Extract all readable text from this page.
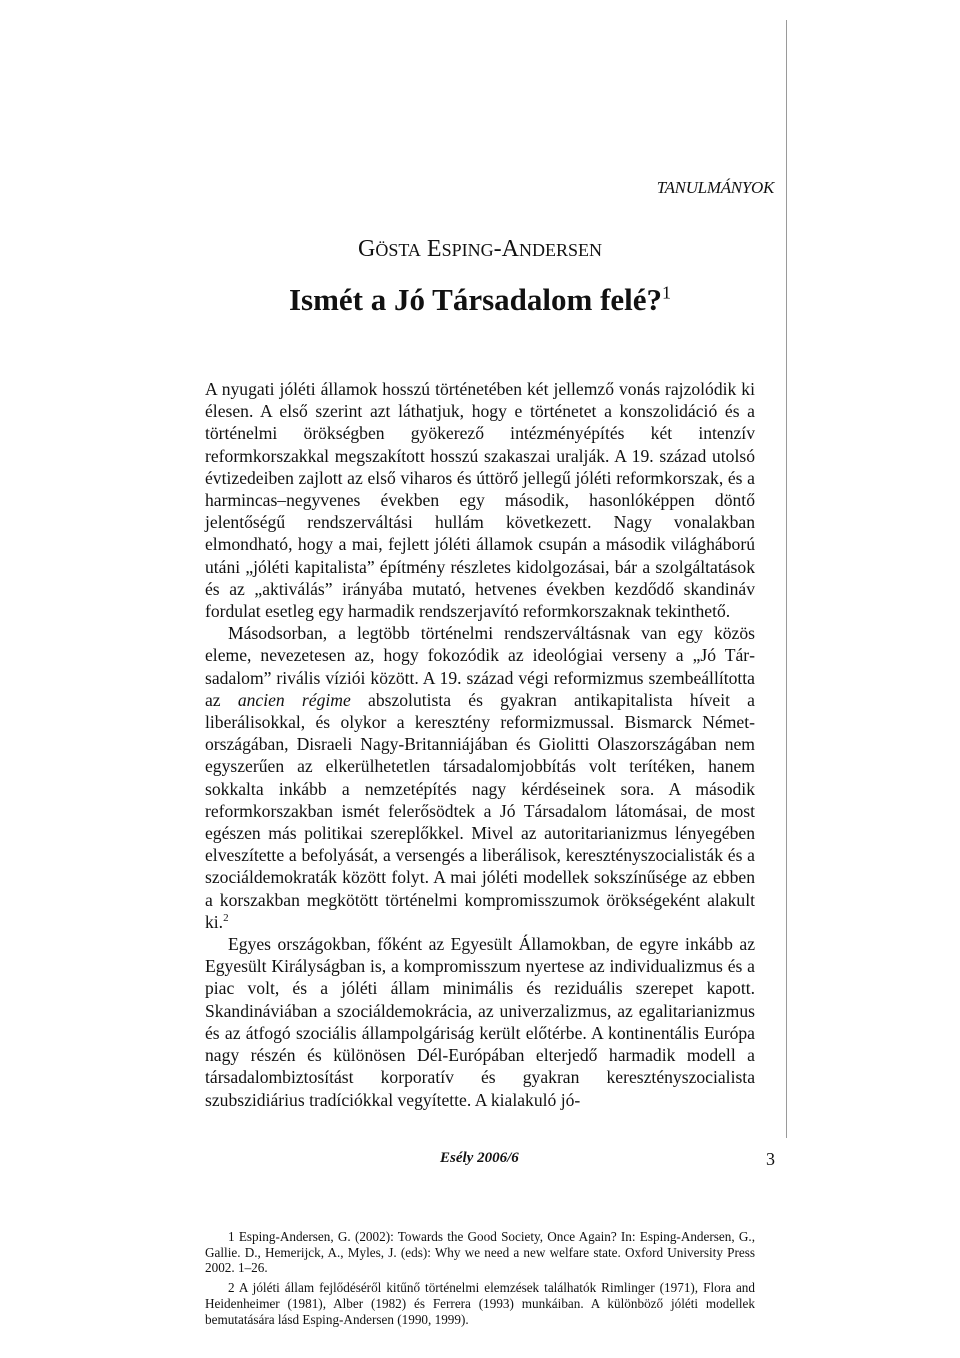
TANULMÁNYOK
GÖSTA ESPING-ANDERSEN
Ismét a Jó Társadalom felé?$^1$

A nyugati jóléti államok hosszú történetében két jellemző vonás rajzolódik ki élesen. A első szerint azt láthatjuk, hogy e történetet a konszolidáció és a történelmi örökségben gyökerező intézményépítés két intenzív reformkorszakkal megszakított hosszú szakaszai uralják. A 19. század utolsó évtizedeiben zajlott az első viharos és úttörő jellegű jóléti reformkorszak, és a harmincas–negyvenes években egy második, hasonlóképpen döntő jelentőségű rendszerváltási hullám következett. Nagy vonalakban elmondható, hogy a mai, fejlett jóléti államok csupán a második világháború utáni „jóléti kapitalista” építmény részletes kidolgozásai, bár a szolgáltatások és az „aktiválás” irányába mutató, hetvenes években kezdődő skandináv fordulat esetleg egy harmadik rendszerjavító reformkorszaknak tekinthető.

Másodsorban, a legtöbb történelmi rendszerváltásnak van egy közös eleme, nevezetesen az, hogy fokozódik az ideológiai verseny a „Jó Társadalom” rivális víziói között. A 19. század végi reformizmus szembeállította az ancien régime abszolutista és gyakran antikapitalista híveit a liberálisokkal, és olykor a keresztény reformizmussal. Bismarck Németországában, Disraeli Nagy-Britanniájában és Giolitti Olaszországában nem egyszerűen az elkerülhetetlen társadalomjobbítás volt terítéken, hanem sokkalta inkább a nemzetépítés nagy kérdéseinek sora. A második reformkorszakban ismét felerősödtek a Jó Társadalom látomásai, de most egészen más politikai szereplőkkel. Mivel az autoritarianizmus lényegében elveszítette a befolyását, a versengés a liberálisok, keresztényszocialisták és a szociáldemokraták között folyt. A mai jóléti modellek sokszínűsége az ebben a korszakban megkötött történelmi kompromisszumok örökségeként alakult ki.$^2$

Egyes országokban, főként az Egyesült Államokban, de egyre inkább az Egyesült Királyságban is, a kompromisszum nyertese az individualizmus és a piac volt, és a jóléti állam minimális és reziduális szerepet kapott. Skandináviában a szociáldemokrácia, az univerzalizmus, az egalitarianizmus és az átfogó szociális állampolgáriság került előtérbe. A kontinentális Európa nagy részén és különösen Dél-Európában elterjedő harmadik modell a társadalombiztosítást korporatív és gyakran keresztényszocialista szubszidiárius tradíciókkal vegyítette. A kialakuló jó-

1 Esping-Andersen, G. (2002): Towards the Good Society, Once Again? In: Esping-Andersen, G., Gallie. D., Hemerijck, A., Myles, J. (eds): Why we need a new welfare state. Oxford University Press 2002. 1–26.

2 A jóléti állam fejlődéséről kitűnő történelmi elemzések találhatók Rimlinger (1971), Flora and Heidenheimer (1981), Alber (1982) és Ferrera (1993) munkáiban. A különböző jóléti modellek bemutatására lásd Esping-Andersen (1990, 1999).

Esély 2006/6	3
